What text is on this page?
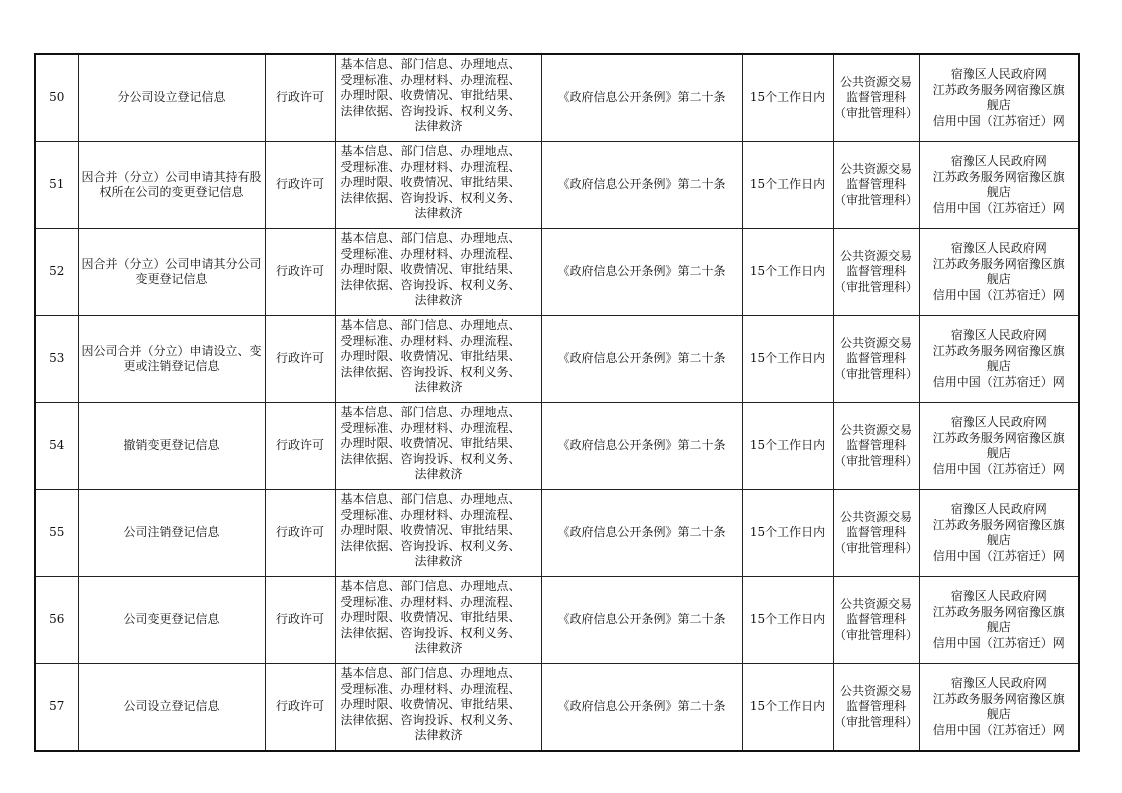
50	分公司设立登记信息	行政许可	基本信息、部门信息、办理地点、
受理标准、办理材料、办理流程、
办理时限、收费情况、审批结果、
法律依据、咨询投诉、权利义务、
法律救济	《政府信息公开条例》第二十条	15个工作日内	公共资源交易
监督管理科
（审批管理科）	宿豫区人民政府网
江苏政务服务网宿豫区旗
舰店
信用中国（江苏宿迁）网

51	因合并（分立）公司申请其持有股权所在公司的变更登记信息	行政许可	基本信息、部门信息、办理地点、
受理标准、办理材料、办理流程、
办理时限、收费情况、审批结果、
法律依据、咨询投诉、权利义务、
法律救济	《政府信息公开条例》第二十条	15个工作日内	公共资源交易
监督管理科
（审批管理科）	宿豫区人民政府网
江苏政务服务网宿豫区旗
舰店
信用中国（江苏宿迁）网

52	因合并（分立）公司申请其分公司变更登记信息	行政许可	基本信息、部门信息、办理地点、
受理标准、办理材料、办理流程、
办理时限、收费情况、审批结果、
法律依据、咨询投诉、权利义务、
法律救济	《政府信息公开条例》第二十条	15个工作日内	公共资源交易
监督管理科
（审批管理科）	宿豫区人民政府网
江苏政务服务网宿豫区旗
舰店
信用中国（江苏宿迁）网

53	因公司合并（分立）申请设立、变更或注销登记信息	行政许可	基本信息、部门信息、办理地点、
受理标准、办理材料、办理流程、
办理时限、收费情况、审批结果、
法律依据、咨询投诉、权利义务、
法律救济	《政府信息公开条例》第二十条	15个工作日内	公共资源交易
监督管理科
（审批管理科）	宿豫区人民政府网
江苏政务服务网宿豫区旗
舰店
信用中国（江苏宿迁）网

54	撤销变更登记信息	行政许可	基本信息、部门信息、办理地点、
受理标准、办理材料、办理流程、
办理时限、收费情况、审批结果、
法律依据、咨询投诉、权利义务、
法律救济	《政府信息公开条例》第二十条	15个工作日内	公共资源交易
监督管理科
（审批管理科）	宿豫区人民政府网
江苏政务服务网宿豫区旗
舰店
信用中国（江苏宿迁）网

55	公司注销登记信息	行政许可	基本信息、部门信息、办理地点、
受理标准、办理材料、办理流程、
办理时限、收费情况、审批结果、
法律依据、咨询投诉、权利义务、
法律救济	《政府信息公开条例》第二十条	15个工作日内	公共资源交易
监督管理科
（审批管理科）	宿豫区人民政府网
江苏政务服务网宿豫区旗
舰店
信用中国（江苏宿迁）网

56	公司变更登记信息	行政许可	基本信息、部门信息、办理地点、
受理标准、办理材料、办理流程、
办理时限、收费情况、审批结果、
法律依据、咨询投诉、权利义务、
法律救济	《政府信息公开条例》第二十条	15个工作日内	公共资源交易
监督管理科
（审批管理科）	宿豫区人民政府网
江苏政务服务网宿豫区旗
舰店
信用中国（江苏宿迁）网

57	公司设立登记信息	行政许可	基本信息、部门信息、办理地点、
受理标准、办理材料、办理流程、
办理时限、收费情况、审批结果、
法律依据、咨询投诉、权利义务、
法律救济	《政府信息公开条例》第二十条	15个工作日内	公共资源交易
监督管理科
（审批管理科）	宿豫区人民政府网
江苏政务服务网宿豫区旗
舰店
信用中国（江苏宿迁）网
